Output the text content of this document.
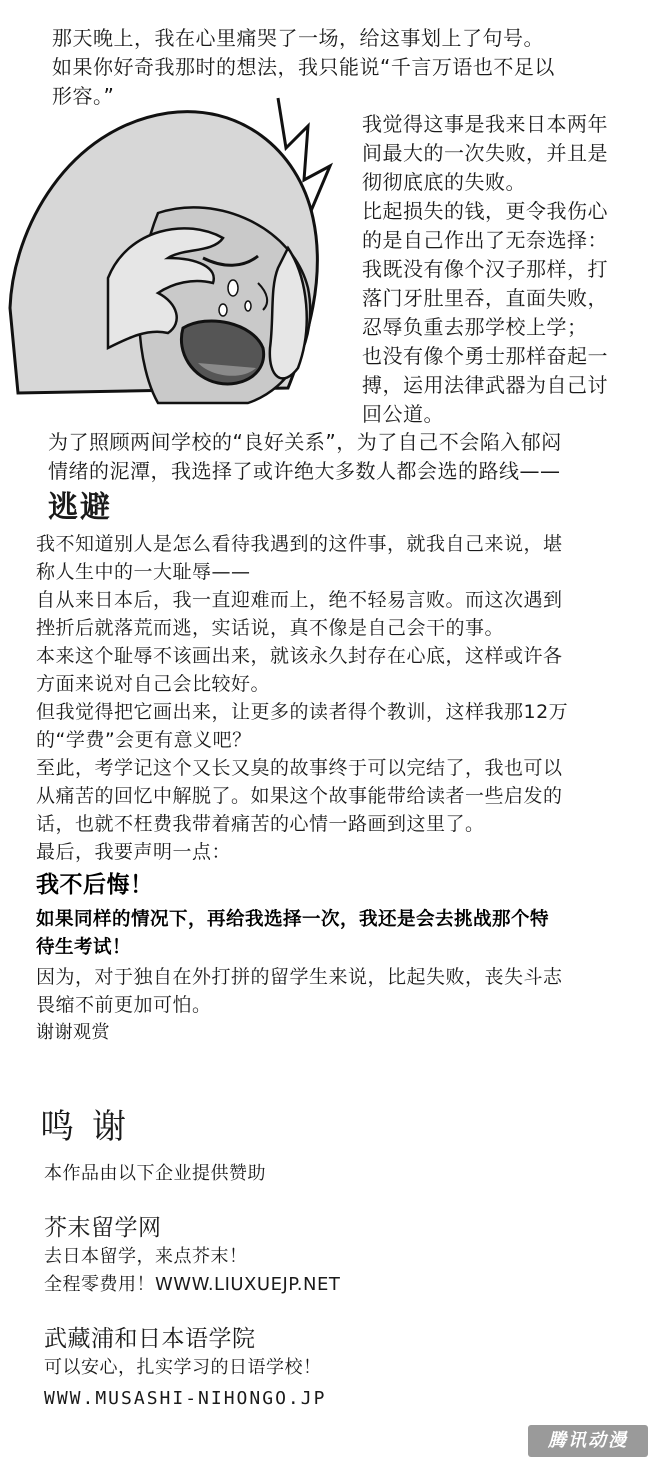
那天晚上，我在心里痛哭了一场，给这事划上了句号。
如果你好奇我那时的想法，我只能说“千言万语也不足以
形容。”
我觉得这事是我来日本两年
间最大的一次失败，并且是
彻彻底底的失败。
比起损失的钱，更令我伤心
的是自己作出了无奈选择：
我既没有像个汉子那样，打
落门牙肚里吞，直面失败，
忍辱负重去那学校上学；
也没有像个勇士那样奋起一
搏，运用法律武器为自己讨
回公道。
为了照顾两间学校的“良好关系”，为了自己不会陷入郁闷
情绪的泥潭，我选择了或许绝大多数人都会选的路线——
逃避
我不知道别人是怎么看待我遇到的这件事，就我自己来说，堪
称人生中的一大耻辱——
自从来日本后，我一直迎难而上，绝不轻易言败。而这次遇到
挫折后就落荒而逃，实话说，真不像是自己会干的事。
本来这个耻辱不该画出来，就该永久封存在心底，这样或许各
方面来说对自己会比较好。
但我觉得把它画出来，让更多的读者得个教训，这样我那12万
的“学费”会更有意义吧？
至此，考学记这个又长又臭的故事终于可以完结了，我也可以
从痛苦的回忆中解脱了。如果这个故事能带给读者一些启发的
话，也就不枉费我带着痛苦的心情一路画到这里了。
最后，我要声明一点：
我不后悔！
如果同样的情况下，再给我选择一次，我还是会去挑战那个特
待生考试！
因为，对于独自在外打拼的留学生来说，比起失败，丧失斗志
畏缩不前更加可怕。
谢谢观赏
鸣谢
本作品由以下企业提供赞助
芥末留学网
去日本留学，来点芥末！
全程零费用！WWW.LIUXUEJP.NET
武藏浦和日本语学院
可以安心，扎实学习的日语学校！
WWW.MUSASHI-NIHONGO.JP
腾讯动漫
